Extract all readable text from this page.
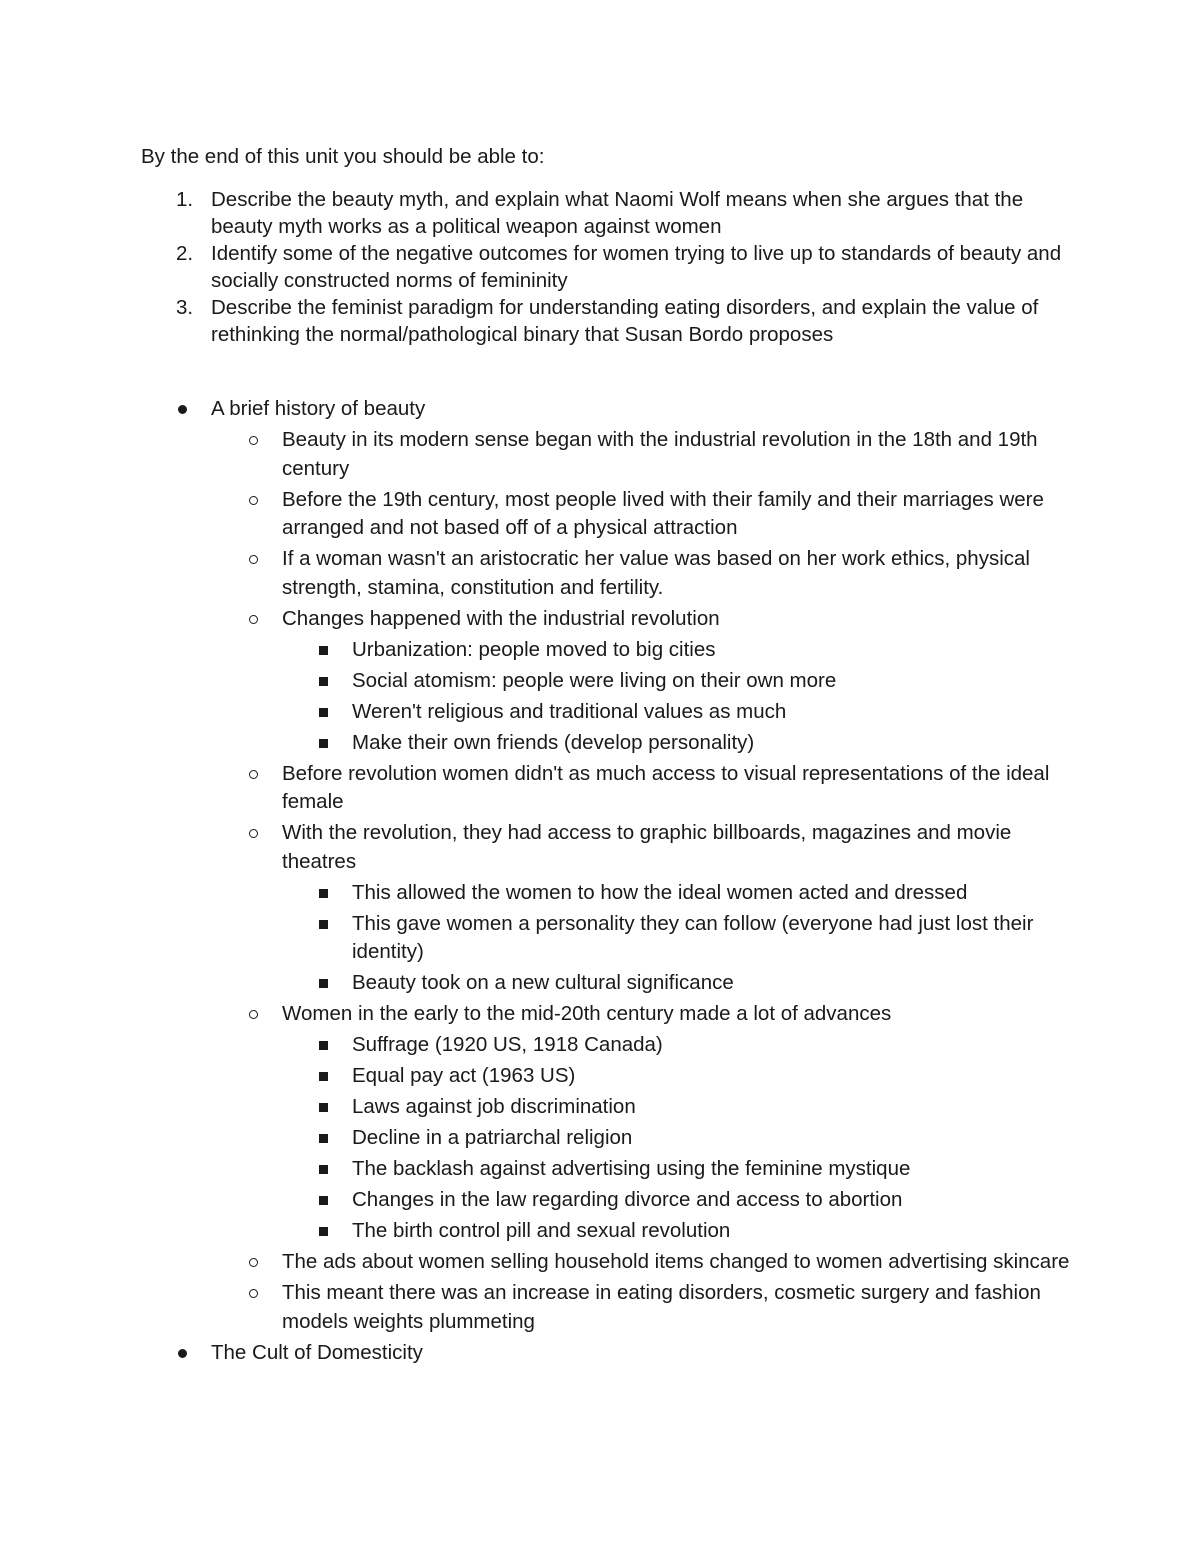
By the end of this unit you should be able to:

1. Describe the beauty myth, and explain what Naomi Wolf means when she argues that the beauty myth works as a political weapon against women
2. Identify some of the negative outcomes for women trying to live up to standards of beauty and socially constructed norms of femininity
3. Describe the feminist paradigm for understanding eating disorders, and explain the value of rethinking the normal/pathological binary that Susan Bordo proposes
A brief history of beauty
Beauty in its modern sense began with the industrial revolution in the 18th and 19th century
Before the 19th century, most people lived with their family and their marriages were arranged and not based off of a physical attraction
If a woman wasn't an aristocratic her value was based on her work ethics, physical strength, stamina, constitution and fertility.
Changes happened with the industrial revolution
Urbanization: people moved to big cities
Social atomism: people were living on their own more
Weren't religious and traditional values as much
Make their own friends (develop personality)
Before revolution women didn't as much access to visual representations of the ideal female
With the revolution, they had access to graphic billboards, magazines and movie theatres
This allowed the women to how the ideal women acted and dressed
This gave women a personality they can follow (everyone had just lost their identity)
Beauty took on a new cultural significance
Women in the early to the mid-20th century made a lot of advances
Suffrage (1920 US, 1918 Canada)
Equal pay act (1963 US)
Laws against job discrimination
Decline in a patriarchal religion
The backlash against advertising using the feminine mystique
Changes in the law regarding divorce and access to abortion
The birth control pill and sexual revolution
The ads about women selling household items changed to women advertising skincare
This meant there was an increase in eating disorders, cosmetic surgery and fashion models weights plummeting
The Cult of Domesticity
